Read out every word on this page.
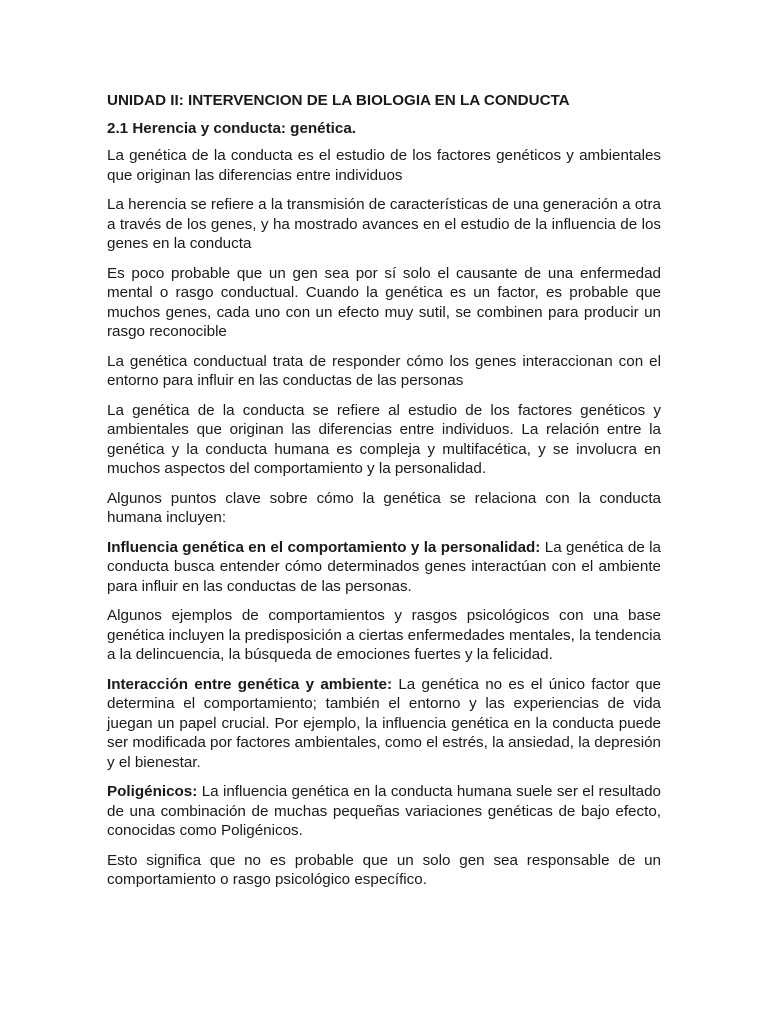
UNIDAD II: INTERVENCION DE LA BIOLOGIA EN LA CONDUCTA
2.1 Herencia y conducta: genética.

La genética de la conducta es el estudio de los factores genéticos y ambientales que originan las diferencias entre individuos

La herencia se refiere a la transmisión de características de una generación a otra a través de los genes, y ha mostrado avances en el estudio de la influencia de los genes en la conducta

Es poco probable que un gen sea por sí solo el causante de una enfermedad mental o rasgo conductual. Cuando la genética es un factor, es probable que muchos genes, cada uno con un efecto muy sutil, se combinen para producir un rasgo reconocible

La genética conductual trata de responder cómo los genes interaccionan con el entorno para influir en las conductas de las personas

La genética de la conducta se refiere al estudio de los factores genéticos y ambientales que originan las diferencias entre individuos. La relación entre la genética y la conducta humana es compleja y multifacética, y se involucra en muchos aspectos del comportamiento y la personalidad.

Algunos puntos clave sobre cómo la genética se relaciona con la conducta humana incluyen:

Influencia genética en el comportamiento y la personalidad: La genética de la conducta busca entender cómo determinados genes interactúan con el ambiente para influir en las conductas de las personas.

Algunos ejemplos de comportamientos y rasgos psicológicos con una base genética incluyen la predisposición a ciertas enfermedades mentales, la tendencia a la delincuencia, la búsqueda de emociones fuertes y la felicidad.

Interacción entre genética y ambiente: La genética no es el único factor que determina el comportamiento; también el entorno y las experiencias de vida juegan un papel crucial. Por ejemplo, la influencia genética en la conducta puede ser modificada por factores ambientales, como el estrés, la ansiedad, la depresión y el bienestar.

Poligénicos: La influencia genética en la conducta humana suele ser el resultado de una combinación de muchas pequeñas variaciones genéticas de bajo efecto, conocidas como Poligénicos.

Esto significa que no es probable que un solo gen sea responsable de un comportamiento o rasgo psicológico específico.
